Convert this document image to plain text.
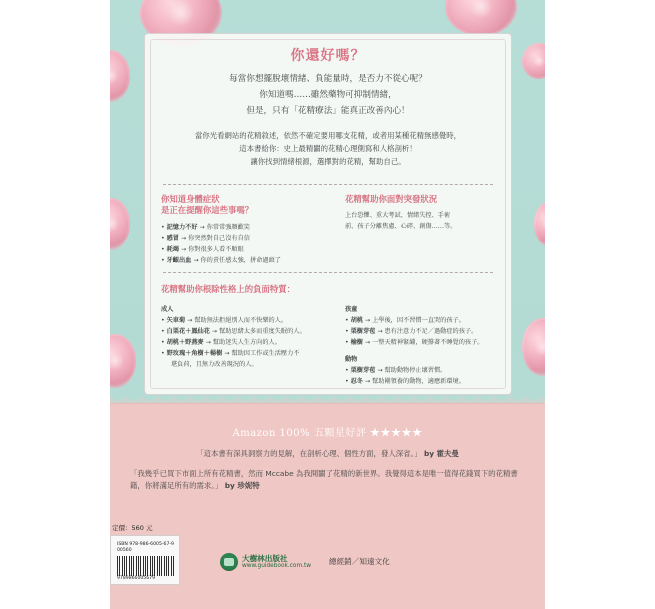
你還好嗎？
每當你想擺脫壞情緒、負能量時，是否力不從心呢？
你知道嗎……雖然藥物可抑制情緒，
但是，只有「花精療法」能真正改善內心！
當你光看網站的花精敘述，依然不確定要用哪支花精，或者用某種花精無感覺時，
這本書給你：史上最精闢的花精心理側寫和人格剖析！
讓你找到情緒根源，選擇對的花精，幫助自己。
你知道身體症狀
是正在提醒你這些事嗎？
• 記憶力不好 → 你常常強顏歡笑
• 感冒 → 你突然對自己沒有自信
• 耗竭 → 你對很多人看不順眼
• 牙齦出血 → 你的責任感太強，拼命過頭了
花精幫助你面對突發狀況
上台恐懼、重大考試、情緒失控、手術
前、孩子分離焦慮、心碎、創傷……等。
花精幫助你根除性格上的負面特質：
成人
• 矢車菊 → 幫助無法拒絕別人而不快樂的人。
• 白栗花＋鳳仙花 → 幫助思緒太多而重度失眠的人。
• 胡桃＋野燕麥 → 幫助迷失人生方向的人。
• 野玫瑰＋角樹＋楊樹 → 幫助因工作或生活壓力不
堪負荷，且無力改善現況的人。
孩童
• 胡桃 → 上學後，因不習慣一直哭的孩子。
• 栗樹芽苞 → 患有注意力不足／過動症的孩子。
• 榆樹 → 一整天精神緊繃，硬撐著不睡覺的孩子。
動物
• 栗樹芽苞 → 幫助動物停止壞習慣。
• 忍冬 → 幫助剛領養的動物，適應新環境。
Amazon 100% 五顆星好評 ★★★★★
「這本書有深具洞察力的見解，在剖析心理、個性方面，發人深省。」 by 霍夫曼
「我幾乎已買下市面上所有花精書，然而 Mccabe 為我開闢了花精的新世界。我覺得這本是唯一值得花錢買下的花精書籍，你將滿足所有的需求。」 by 珍妮特
定價：560 元
ISBN 978-986-6005-67-9
00560
9789866005679
大樹林出版社
www.guidebook.com.tw 總經銷／知遠文化
